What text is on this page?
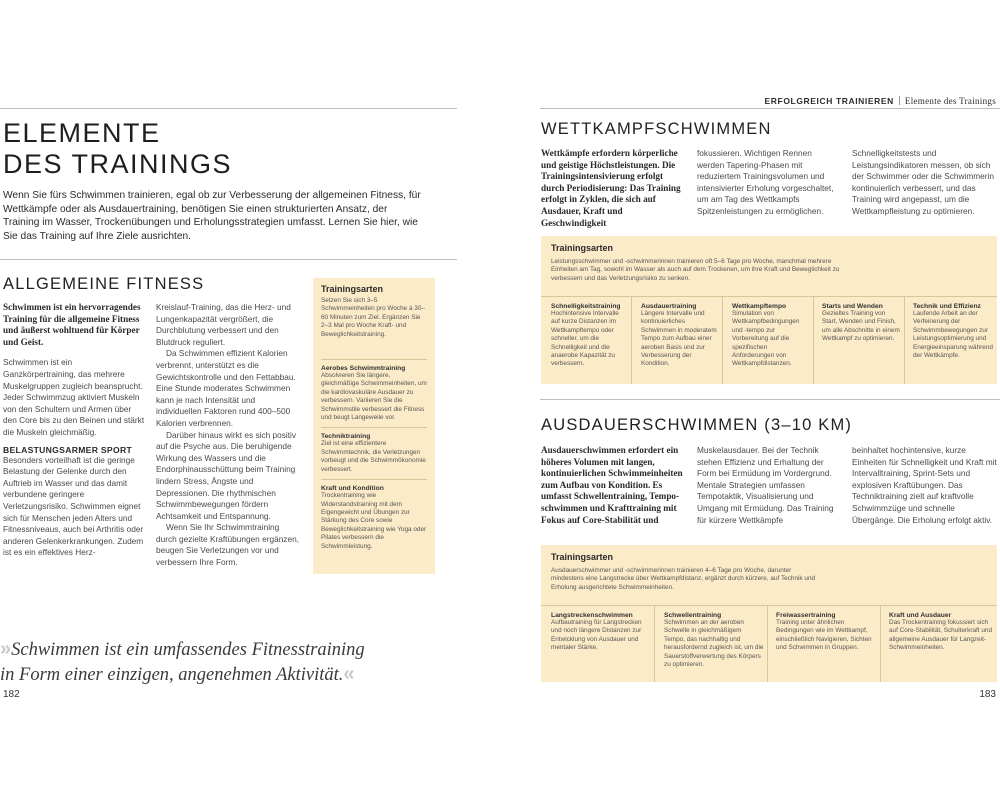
ERFOLGREICH TRAINIEREN Elemente des Trainings
ELEMENTE
DES TRAININGS
Wenn Sie fürs Schwimmen trainieren, egal ob zur Verbesserung der allgemeinen Fitness, für Wettkämpfe oder als Ausdauertraining, benötigen Sie einen strukturierten Ansatz, der Training im Wasser, Trockenübungen und Erholungsstrategien umfasst. Lernen Sie hier, wie Sie das Training auf Ihre Ziele ausrichten.
ALLGEMEINE FITNESS
Schwimmen ist ein hervorragendes Training für die allgemeine Fitness und äußerst wohltuend für Körper und Geist.

Schwimmen ist ein Ganzkörpertraining, das mehrere Muskelgruppen zugleich beansprucht. Jeder Schwimmzug aktiviert Muskeln von den Schultern und Armen über den Core bis zu den Beinen und stärkt die Muskeln gleichmäßig.

BELASTUNGSARMER SPORT

Besonders vorteilhaft ist die geringe Belastung der Gelenke durch den Auftrieb im Wasser und das damit verbundene geringere Verletzungsrisiko. Schwimmen eignet sich für Menschen jeden Alters und Fitnessniveaus, auch bei Arthritis oder anderen Gelenkerkrankungen. Zudem ist es ein effektives Herz-

Kreislauf-Training, das die Herz- und Lungenkapazität vergrößert, die Durchblutung verbessert und den Blutdruck reguliert.

Da Schwimmen effizient Kalorien verbrennt, unterstützt es die Gewichtskontrolle und den Fettabbau. Eine Stunde moderates Schwimmen kann je nach Intensität und individuellen Faktoren rund 400–500 Kalorien verbrennen.

Darüber hinaus wirkt es sich positiv auf die Psyche aus. Die beruhigende Wirkung des Wassers und die Endorphinausschüttung beim Training lindern Stress, Ängste und Depressionen. Die rhythmischen Schwimmbewegungen fördern Achtsamkeit und Entspannung.

Wenn Sie Ihr Schwimmtraining durch gezielte Kraftübungen ergänzen, beugen Sie Verletzungen vor und verbessern Ihre Form.

Trainingsarten
Setzen Sie sich 3–5 Schwimmeinheiten pro Woche à 30–60 Minuten zum Ziel. Ergänzen Sie 2–3 Mal pro Woche Kraft- und Beweglichkeitstraining.
Aerobes Schwimmtraining
Absolvieren Sie längere, gleichmäßige Schwimmeinheiten, um die kardiovaskuläre Ausdauer zu verbessern. Variieren Sie die Schwimmstile verbessert die Fitness und beugt Langeweile vor.
Techniktraining
Ziel ist eine effizientere Schwimmtechnik, die Verletzungen vorbeugt und die Schwimmökonomie verbessert.
Kraft und Kondition
Trockentraining wie Widerstandstraining mit dem Eigengewicht und Übungen zur Stärkung des Core sowie Beweglichkeitstraining wie Yoga oder Pilates verbessern die Schwimmleistung.
»Schwimmen ist ein umfassendes Fitnesstraining
in Form einer einzigen, angenehmen Aktivität.«
182
WETTKAMPFSCHWIMMEN
Wettkämpfe erfordern körperliche und geistige Höchstleistungen. Die Trainingsintensivierung erfolgt durch Periodisierung: Das Training erfolgt in Zyklen, die sich auf Ausdauer, Kraft und Geschwindigkeit
fokussieren. Wichtigen Rennen werden Tapering-Phasen mit reduziertem Trainingsvolumen und intensivierter Erholung vorgeschaltet, um am Tag des Wettkampfs Spitzenleistungen zu ermöglichen.
Schnelligkeitstests und Leistungsindikatoren messen, ob sich der Schwimmer oder die Schwimmerin kontinuierlich verbessert, und das Training wird angepasst, um die Wettkampfleistung zu optimieren.
Trainingsarten
Leistungsschwimmer und -schwimmerinnen trainieren oft 5–6 Tage pro Woche, manchmal mehrere Einheiten am Tag, sowohl im Wasser als auch auf dem Trockenen, um ihre Kraft und Beweglichkeit zu verbessern und das Verletzungsrisiko zu senken.
Schnelligkeitstraining
Hochintensive Intervalle auf kurze Distanzen im Wettkampftempo oder schneller, um die Schnelligkeit und die anaerobe Kapazität zu verbessern.
Ausdauertraining
Längere Intervalle und kontinuierliches Schwimmen in moderatem Tempo zum Aufbau einer aeroben Basis und zur Verbesserung der Kondition.
Wettkampftempo
Simulation von Wettkampfbedingungen und -tempo zur Vorbereitung auf die spezifischen Anforderungen von Wettkampfdistanzen.
Starts und Wenden
Gezieltes Training von Start, Wenden und Finish, um alle Abschnitte in einem Wettkampf zu optimieren.
Technik und Effizienz
Laufende Arbeit an der Verfeinerung der Schwimmbewegungen zur Leistungsoptimierung und Energieeinsparung während der Wettkämpfe.
AUSDAUERSCHWIMMEN (3–10 KM)
Ausdauerschwimmen erfordert ein höheres Volumen mit langen, kontinuierlichen Schwimmeinheiten zum Aufbau von Kondition. Es umfasst Schwellentraining, Tempo-schwimmen und Krafttraining mit Fokus auf Core-Stabilität und
Muskelausdauer. Bei der Technik stehen Effizienz und Erhaltung der Form bei Ermüdung im Vordergrund. Mentale Strategien umfassen Tempotaktik, Visualisierung und Umgang mit Ermüdung. Das Training für kürzere Wettkämpfe
beinhaltet hochintensive, kurze Einheiten für Schnelligkeit und Kraft mit Intervalltraining, Sprint-Sets und explosiven Kraftübungen. Das Techniktraining zielt auf kraftvolle Schwimmzüge und schnelle Übergänge. Die Erholung erfolgt aktiv.
Trainingsarten
Ausdauerschwimmer und -schwimmerinnen trainieren 4–6 Tage pro Woche, darunter mindestens eine Langstrecke über Wettkampfdistanz, ergänzt durch kürzere, auf Technik und Erholung ausgerichtete Schwimmeinheiten.
Langstreckenschwimmen
Aufbautraining für Langstrecken und noch längere Distanzen zur Entwicklung von Ausdauer und mentaler Stärke.
Schwellentraining
Schwimmen an der aeroben Schwelle in gleichmäßigem Tempo, das nachhaltig und herausfordernd zugleich ist, um die Sauerstoffverwertung des Körpers zu optimieren.
Freiwassertraining
Training unter ähnlichen Bedingungen wie im Wettkampf, einschließlich Navigieren, Sichten und Schwimmen in Gruppen.
Kraft und Ausdauer
Das Trockentraining fokussiert sich auf Core-Stabilität, Schulterkraft und allgemeine Ausdauer für Langzeit-Schwimmeinheiten.
183
